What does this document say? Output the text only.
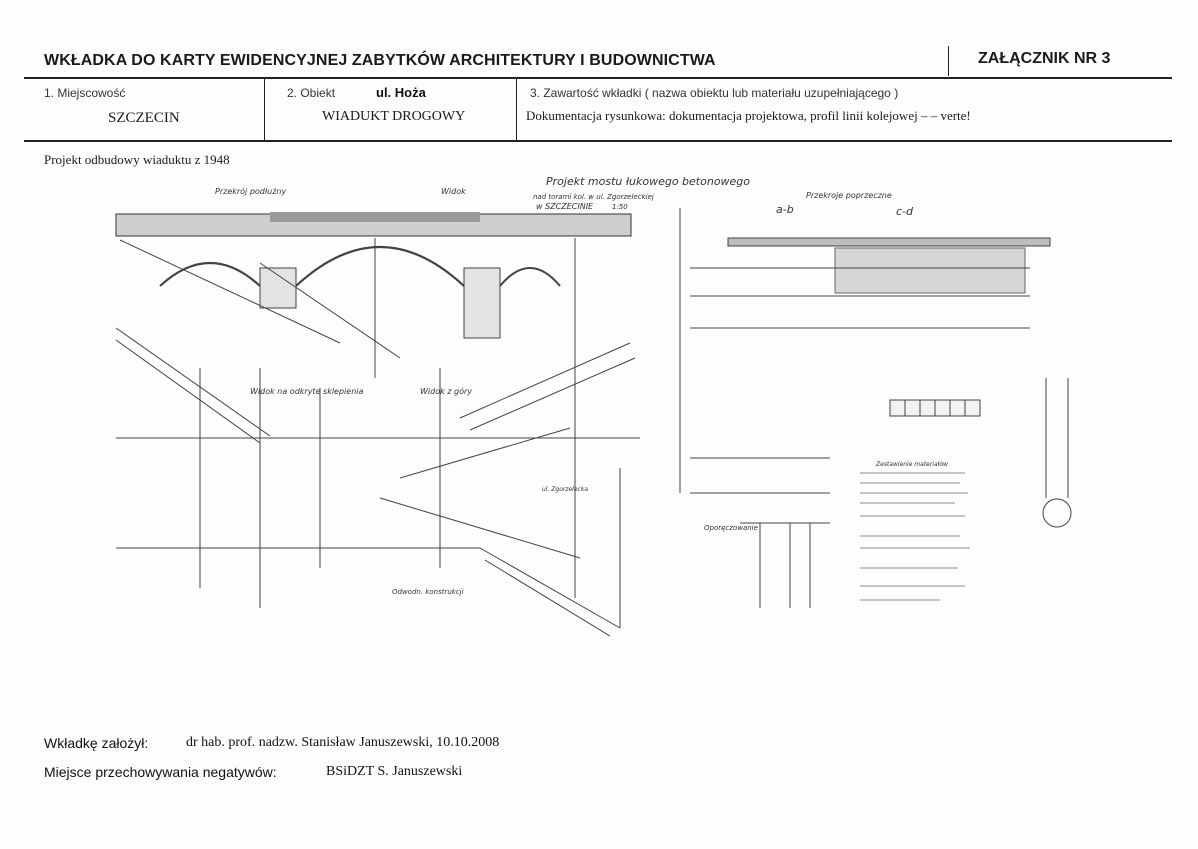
WKŁADKA DO KARTY EWIDENCYJNEJ ZABYTKÓW ARCHITEKTURY I BUDOWNICTWA	ZAŁĄCZNIK NR 3
1. Miejscowość
SZCZECIN
2. Obiekt	ul. Hoża
WIADUKT DROGOWY
3. Zawartość wkładki ( nazwa obiektu lub materiału uzupełniającego )
Dokumentacja rysunkowa: dokumentacja projektowa, profil linii kolejowej – – verte!
Projekt odbudowy wiaduktu z 1948
Projekt mostu łukowego betonowego
nad torami kol. w ul. Zgorzeleckiej
w SZCZECINIE	1:50
Przekrój podłużny	Widok	Przekroje poprzeczne
a-b	c-d
Widok na odkryte sklepienia	Widok z góry
ul. Zgorzelecka
Oporęczowanie
Odwodn. konstrukcji
Zestawienie materiałów
Wkładkę założył:	dr hab. prof. nadzw. Stanisław Januszewski, 10.10.2008
Miejsce przechowywania negatywów:	BSiDZT S. Januszewski
